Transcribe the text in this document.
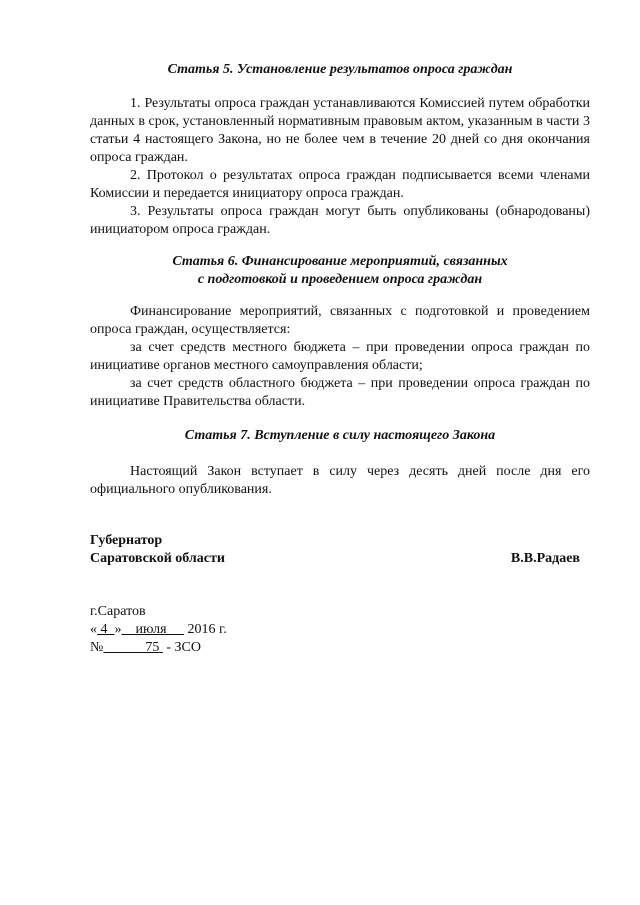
Статья 5. Установление результатов опроса граждан

1. Результаты опроса граждан устанавливаются Комиссией путем обработки данных в срок, установленный нормативным правовым актом, указанным в части 3 статьи 4 настоящего Закона, но не более чем в течение 20 дней со дня окончания опроса граждан.

2. Протокол о результатах опроса граждан подписывается всеми членами Комиссии и передается инициатору опроса граждан.

3. Результаты опроса граждан могут быть опубликованы (обнародованы) инициатором опроса граждан.

Статья 6. Финансирование мероприятий, связанных
с подготовкой и проведением опроса граждан

Финансирование мероприятий, связанных с подготовкой и проведением опроса граждан, осуществляется:

за счет средств местного бюджета – при проведении опроса граждан по инициативе органов местного самоуправления области;

за счет средств областного бюджета – при проведении опроса граждан по инициативе Правительства области.

Статья 7. Вступление в силу настоящего Закона

Настоящий Закон вступает в силу через десять дней после дня его официального опубликования.

Губернатор
Саратовской области	В.В.Радаев
г.Саратов
« 4 » июля 2016 г.
№	75 - ЗСО
